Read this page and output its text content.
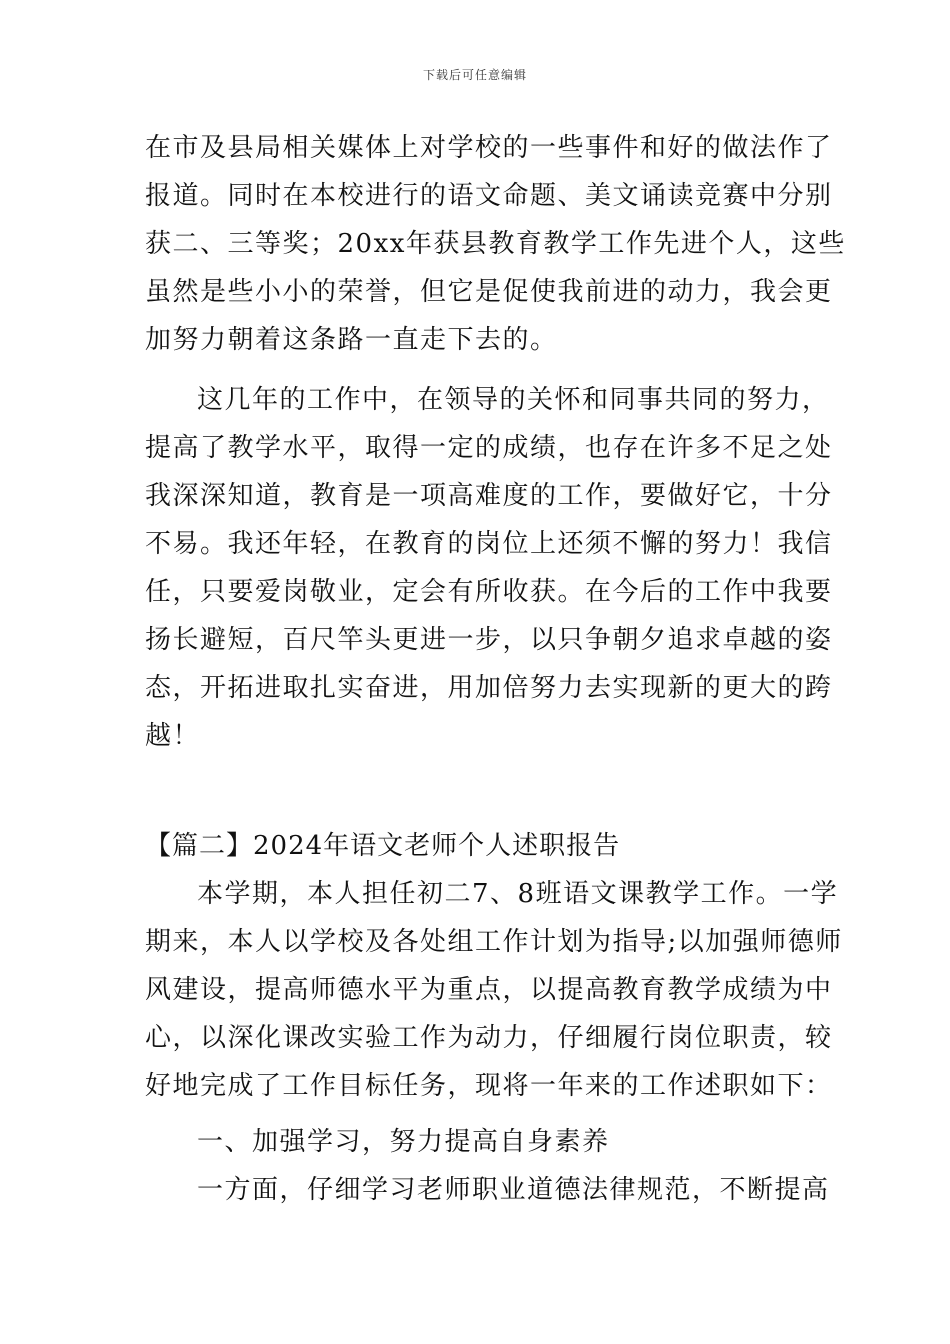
下载后可任意编辑
在市及县局相关媒体上对学校的一些事件和好的做法作了
报道。同时在本校进行的语文命题、美文诵读竞赛中分别
获二、三等奖；20xx年获县教育教学工作先进个人，这些
虽然是些小小的荣誉，但它是促使我前进的动力，我会更
加努力朝着这条路一直走下去的。
这几年的工作中，在领导的关怀和同事共同的努力，
提高了教学水平，取得一定的成绩，也存在许多不足之处
我深深知道，教育是一项高难度的工作，要做好它，十分
不易。我还年轻，在教育的岗位上还须不懈的努力！我信
任，只要爱岗敬业，定会有所收获。在今后的工作中我要
扬长避短，百尺竿头更进一步，以只争朝夕追求卓越的姿
态，开拓进取扎实奋进，用加倍努力去实现新的更大的跨
越！
【篇二】2024年语文老师个人述职报告
本学期，本人担任初二7、8班语文课教学工作。一学
期来，本人以学校及各处组工作计划为指导;以加强师德师
风建设，提高师德水平为重点，以提高教育教学成绩为中
心，以深化课改实验工作为动力，仔细履行岗位职责，较
好地完成了工作目标任务，现将一年来的工作述职如下：
一、加强学习，努力提高自身素养
一方面，仔细学习老师职业道德法律规范，不断提高
